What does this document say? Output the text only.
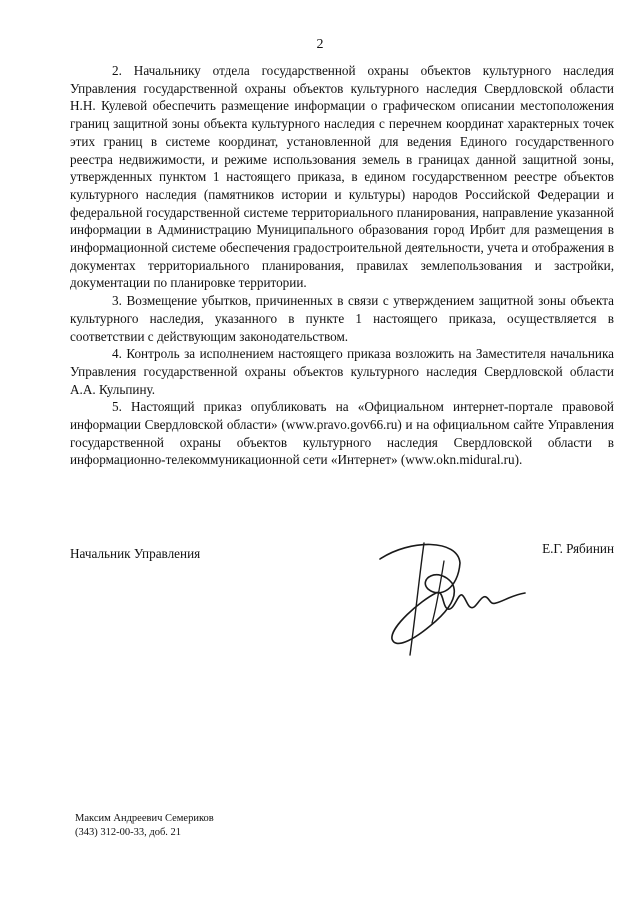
2

2. Начальнику отдела государственной охраны объектов культурного наследия Управления государственной охраны объектов культурного наследия Свердловской области Н.Н. Кулевой обеспечить размещение информации о графическом описании местоположения границ защитной зоны объекта культурного наследия с перечнем координат характерных точек этих границ в системе координат, установленной для ведения Единого государственного реестра недвижимости, и режиме использования земель в границах данной защитной зоны, утвержденных пунктом 1 настоящего приказа, в едином государственном реестре объектов культурного наследия (памятников истории и культуры) народов Российской Федерации и федеральной государственной системе территориального планирования, направление указанной информации в Администрацию Муниципального образования город Ирбит для размещения в информационной системе обеспечения градостроительной деятельности, учета и отображения в документах территориального планирования, правилах землепользования и застройки, документации по планировке территории.

3. Возмещение убытков, причиненных в связи с утверждением защитной зоны объекта культурного наследия, указанного в пункте 1 настоящего приказа, осуществляется в соответствии с действующим законодательством.

4. Контроль за исполнением настоящего приказа возложить на Заместителя начальника Управления государственной охраны объектов культурного наследия Свердловской области А.А. Кульпину.

5. Настоящий приказ опубликовать на «Официальном интернет-портале правовой информации Свердловской области» (www.pravo.gov66.ru) и на официальном сайте Управления государственной охраны объектов культурного наследия Свердловской области в информационно-телекоммуникационной сети «Интернет» (www.okn.midural.ru).

Начальник Управления	Е.Г. Рябинин
Максим Андреевич Семериков
(343) 312-00-33, доб. 21
